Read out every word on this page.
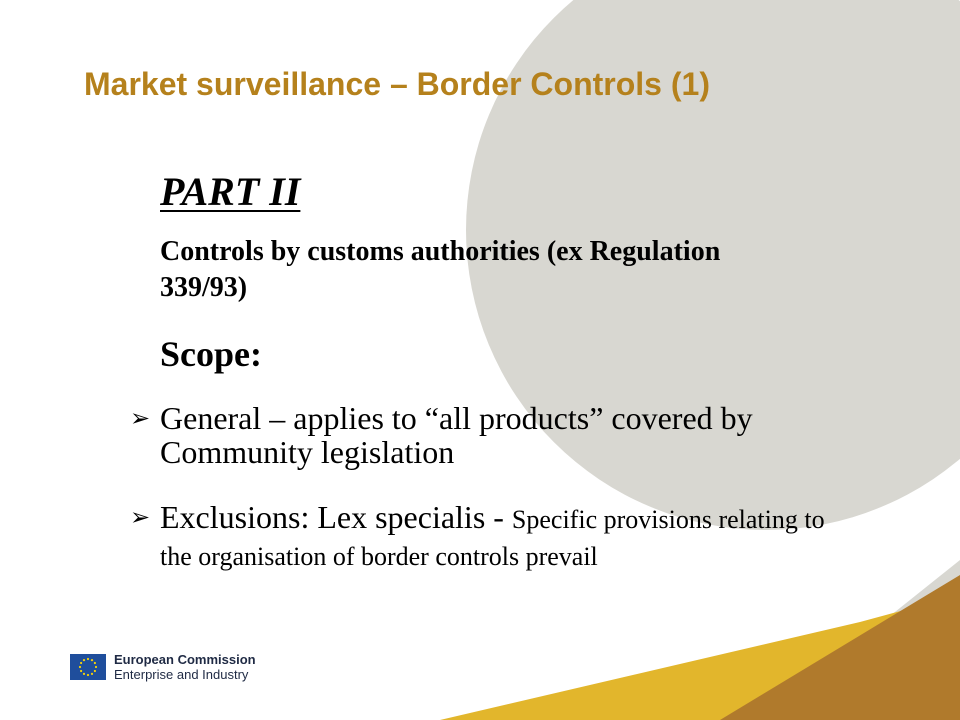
Market surveillance – Border Controls (1)
PART II
Controls by customs authorities (ex Regulation 339/93)
Scope:
➢ General – applies to “all products” covered by Community legislation
➢ Exclusions: Lex specialis - Specific provisions relating to the organisation of border controls prevail
European Commission
Enterprise and Industry
